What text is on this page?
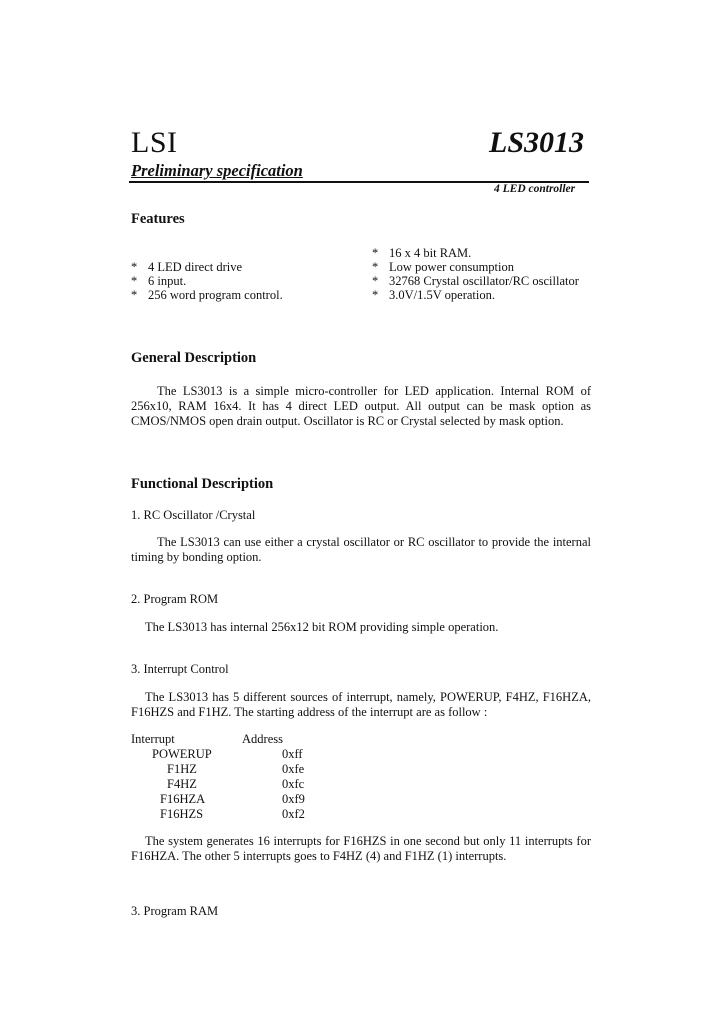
LSI	LS3013
Preliminary specification
4 LED controller
Features
* 4 LED direct drive
* 6 input.
* 256 word program control.
* 16 x 4 bit RAM.
* Low power consumption
* 32768 Crystal oscillator/RC oscillator
* 3.0V/1.5V operation.
General Description
The LS3013 is a simple micro-controller for LED application. Internal ROM of 256x10, RAM 16x4. It has 4 direct LED output. All output can be mask option as CMOS/NMOS open drain output. Oscillator is RC or Crystal selected by mask option.
Functional Description
1. RC Oscillator /Crystal
The LS3013 can use either a crystal oscillator or RC oscillator to provide the internal timing by bonding option.
2. Program ROM
The LS3013 has internal 256x12 bit ROM providing simple operation.
3. Interrupt Control
The LS3013 has 5 different sources of interrupt, namely, POWERUP, F4HZ, F16HZA, F16HZS and F1HZ. The starting address of the interrupt are as follow :
Interrupt	Address
POWERUP	0xff
F1HZ	0xfe
F4HZ	0xfc
F16HZA	0xf9
F16HZS	0xf2
The system generates 16 interrupts for F16HZS in one second but only 11 interrupts for F16HZA. The other 5 interrupts goes to F4HZ (4) and F1HZ (1) interrupts.
3. Program RAM
